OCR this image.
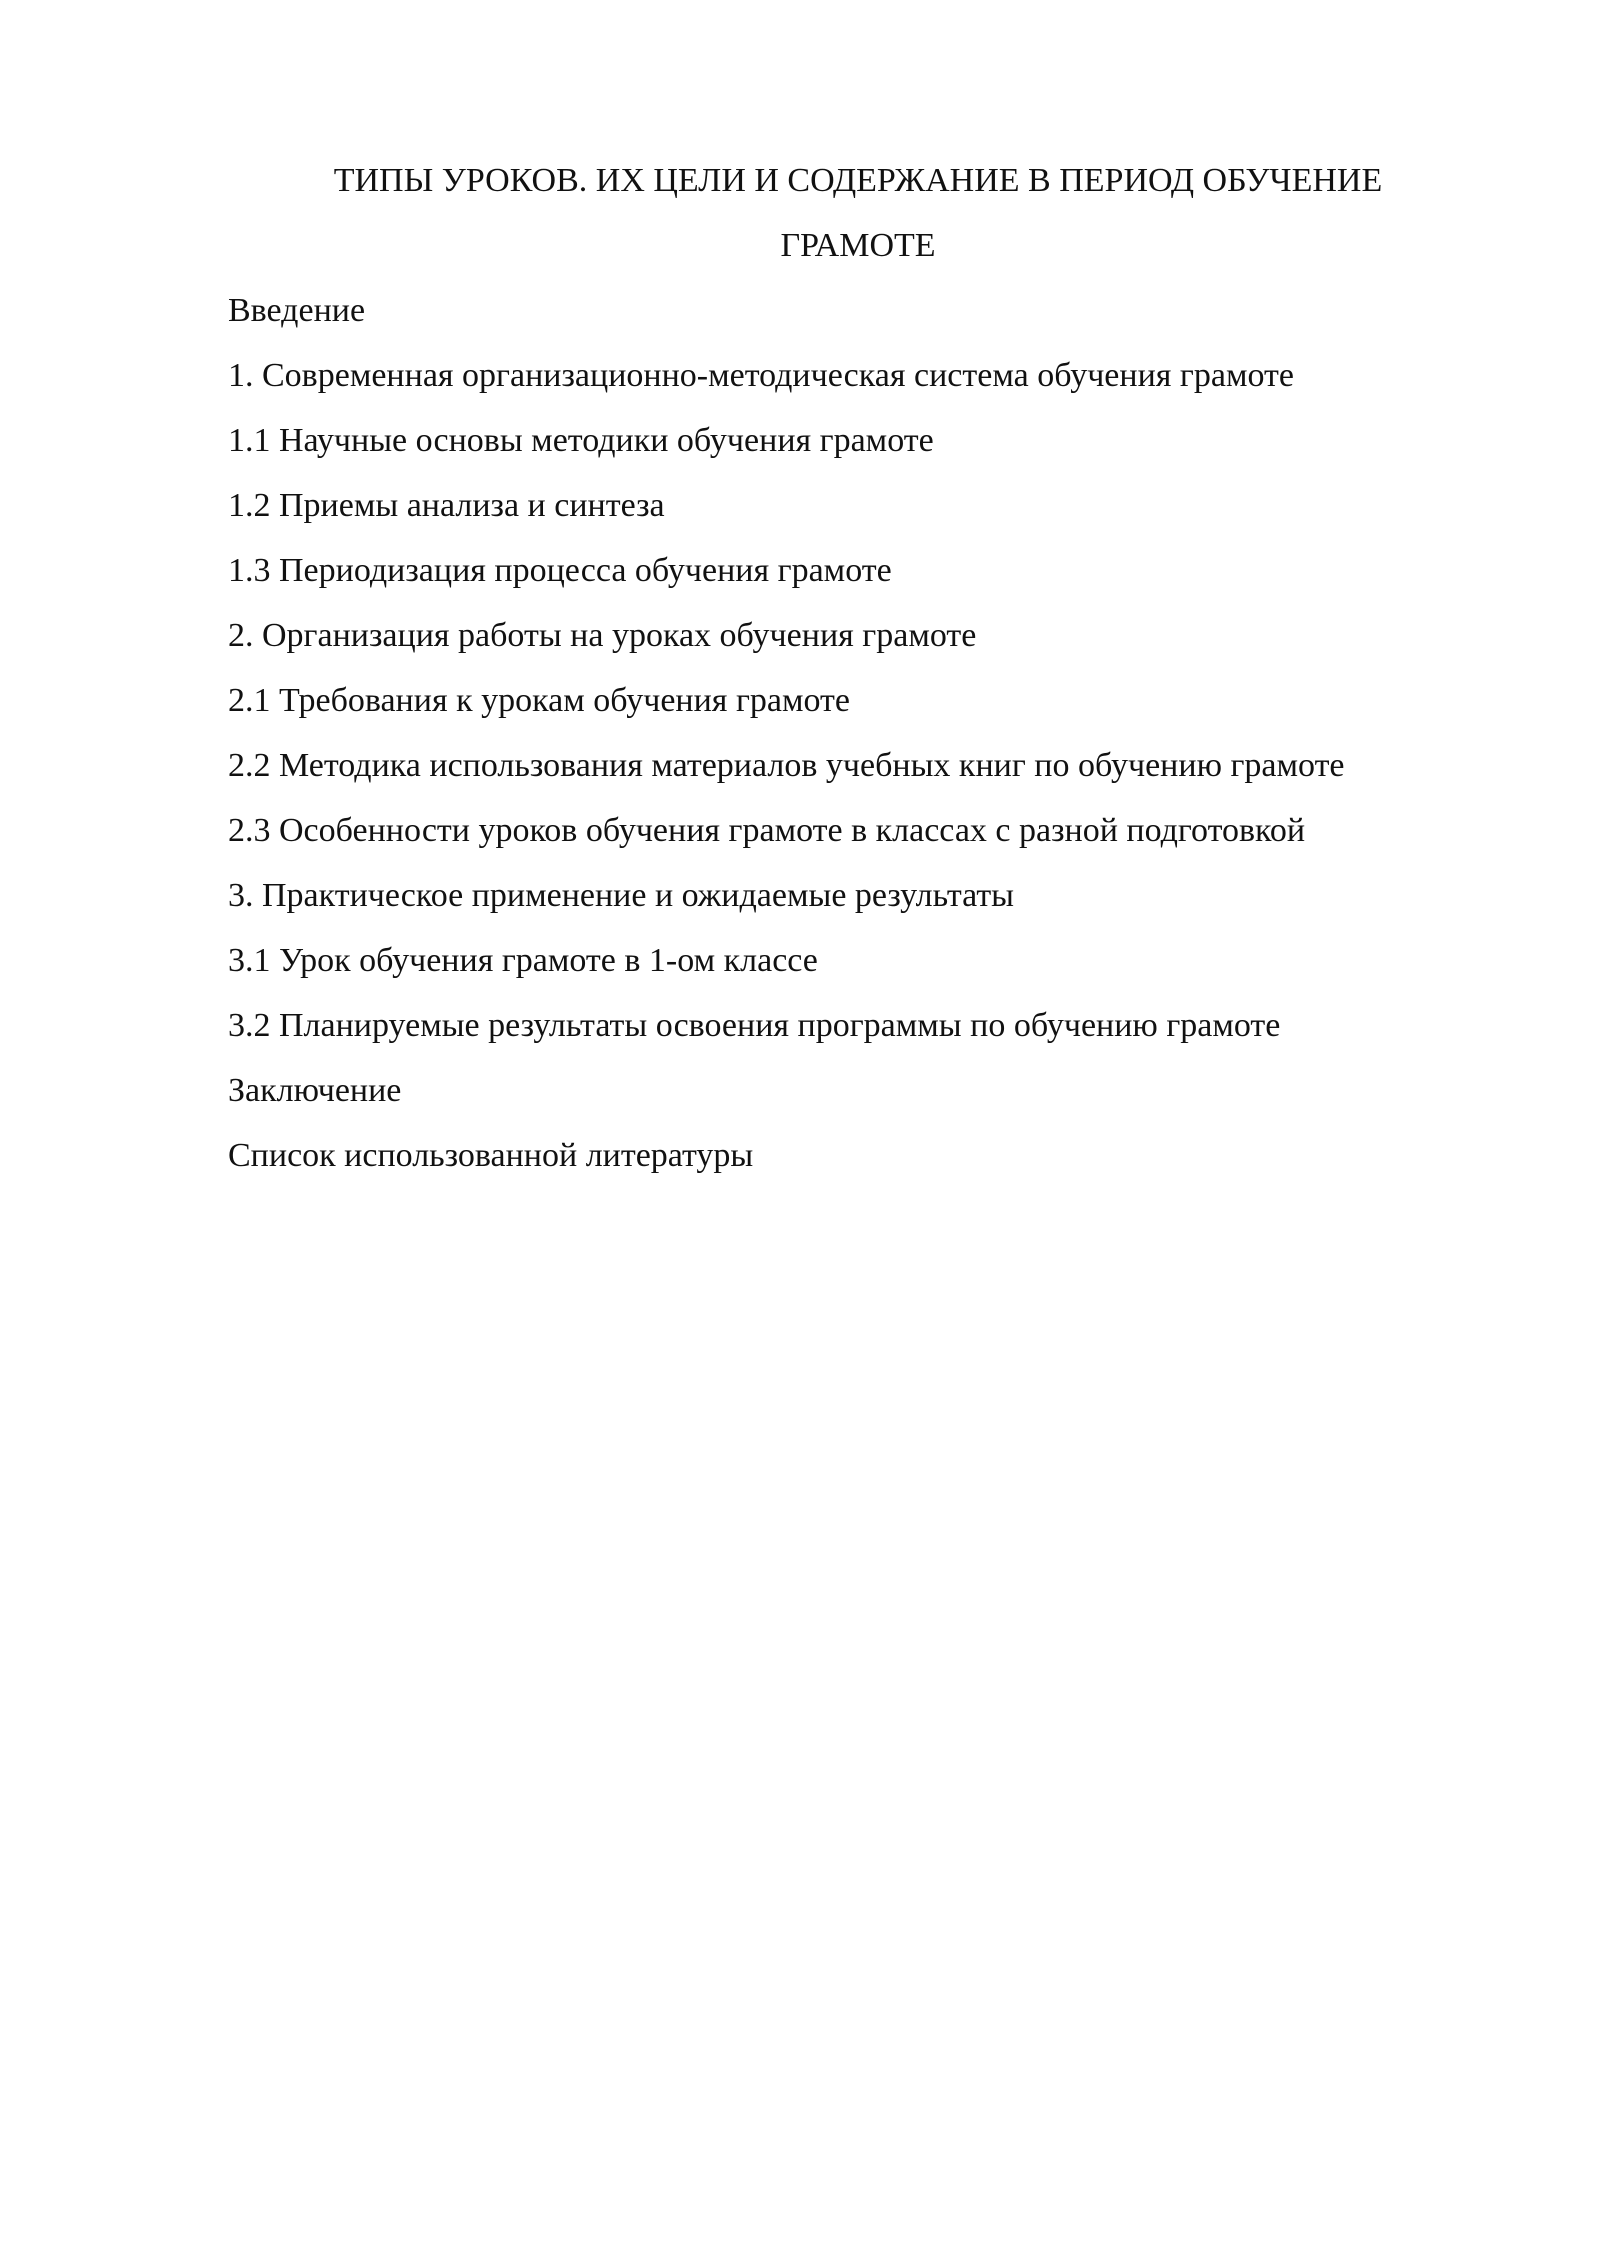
ТИПЫ УРОКОВ. ИХ ЦЕЛИ И СОДЕРЖАНИЕ В ПЕРИОД ОБУЧЕНИЕ
ГРАМОТЕ
Введение
1. Современная организационно-методическая система обучения грамоте
1.1 Научные основы методики обучения грамоте
1.2 Приемы анализа и синтеза
1.3 Периодизация процесса обучения грамоте
2. Организация работы на уроках обучения грамоте
2.1 Требования к урокам обучения грамоте
2.2 Методика использования материалов учебных книг по обучению грамоте
2.3 Особенности уроков обучения грамоте в классах с разной подготовкой
3. Практическое применение и ожидаемые результаты
3.1 Урок обучения грамоте в 1-ом классе
3.2 Планируемые результаты освоения программы по обучению грамоте
Заключение
Список использованной литературы
